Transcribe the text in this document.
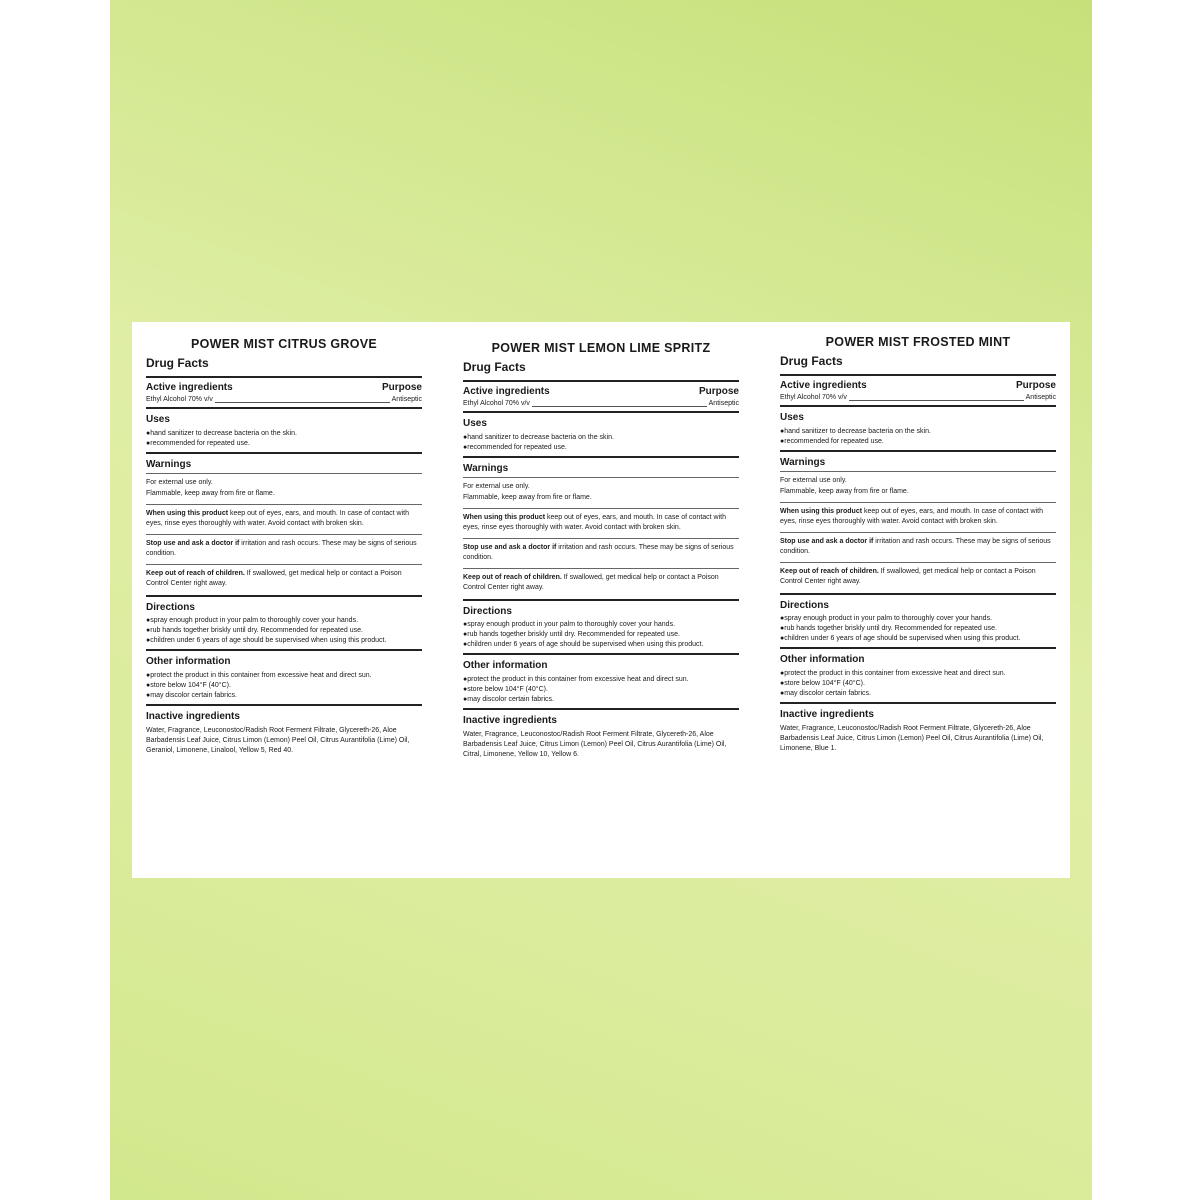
POWER MIST CITRUS GROVE
Drug Facts
Active ingredients	Purpose
Ethyl Alcohol 70% v/v	Antiseptic
Uses

●hand sanitizer to decrease bacteria on the skin.

●recommended for repeated use.

Warnings
For external use only.
Flammable, keep away from fire or flame.
When using this product keep out of eyes, ears, and mouth. In case of contact with eyes, rinse eyes thoroughly with water. Avoid contact with broken skin.
Stop use and ask a doctor if irritation and rash occurs. These may be signs of serious condition.
Keep out of reach of children. If swallowed, get medical help or contact a Poison Control Center right away.
Directions

●spray enough product in your palm to thoroughly cover your hands.

●rub hands together briskly until dry. Recommended for repeated use.

●children under 6 years of age should be supervised when using this product.

Other information

●protect the product in this container from excessive heat and direct sun.

●store below 104°F (40°C).

●may discolor certain fabrics.

Inactive ingredients
Water, Fragrance, Leuconostoc/Radish Root Ferment Filtrate, Glycereth-26, Aloe Barbadensis Leaf Juice, Citrus Limon (Lemon) Peel Oil, Citrus Aurantifolia (Lime) Oil, Geraniol, Limonene, Linalool, Yellow 5, Red 40.
POWER MIST LEMON LIME SPRITZ
Drug Facts
Active ingredients	Purpose
Ethyl Alcohol 70% v/v	Antiseptic
Uses

●hand sanitizer to decrease bacteria on the skin.

●recommended for repeated use.

Warnings
For external use only.
Flammable, keep away from fire or flame.
When using this product keep out of eyes, ears, and mouth. In case of contact with eyes, rinse eyes thoroughly with water. Avoid contact with broken skin.
Stop use and ask a doctor if irritation and rash occurs. These may be signs of serious condition.
Keep out of reach of children. If swallowed, get medical help or contact a Poison Control Center right away.
Directions

●spray enough product in your palm to thoroughly cover your hands.

●rub hands together briskly until dry. Recommended for repeated use.

●children under 6 years of age should be supervised when using this product.

Other information

●protect the product in this container from excessive heat and direct sun.

●store below 104°F (40°C).

●may discolor certain fabrics.

Inactive ingredients
Water, Fragrance, Leuconostoc/Radish Root Ferment Filtrate, Glycereth-26, Aloe Barbadensis Leaf Juice, Citrus Limon (Lemon) Peel Oil, Citrus Aurantifolia (Lime) Oil, Citral, Limonene, Yellow 10, Yellow 6.
POWER MIST FROSTED MINT
Drug Facts
Active ingredients	Purpose
Ethyl Alcohol 70% v/v	Antiseptic
Uses

●hand sanitizer to decrease bacteria on the skin.

●recommended for repeated use.

Warnings
For external use only.
Flammable, keep away from fire or flame.
When using this product keep out of eyes, ears, and mouth. In case of contact with eyes, rinse eyes thoroughly with water. Avoid contact with broken skin.
Stop use and ask a doctor if irritation and rash occurs. These may be signs of serious condition.
Keep out of reach of children. If swallowed, get medical help or contact a Poison Control Center right away.
Directions

●spray enough product in your palm to thoroughly cover your hands.

●rub hands together briskly until dry. Recommended for repeated use.

●children under 6 years of age should be supervised when using this product.

Other information

●protect the product in this container from excessive heat and direct sun.

●store below 104°F (40°C).

●may discolor certain fabrics.

Inactive ingredients
Water, Fragrance, Leuconostoc/Radish Root Ferment Filtrate, Glycereth-26, Aloe Barbadensis Leaf Juice, Citrus Limon (Lemon) Peel Oil, Citrus Aurantifolia (Lime) Oil, Limonene, Blue 1.
